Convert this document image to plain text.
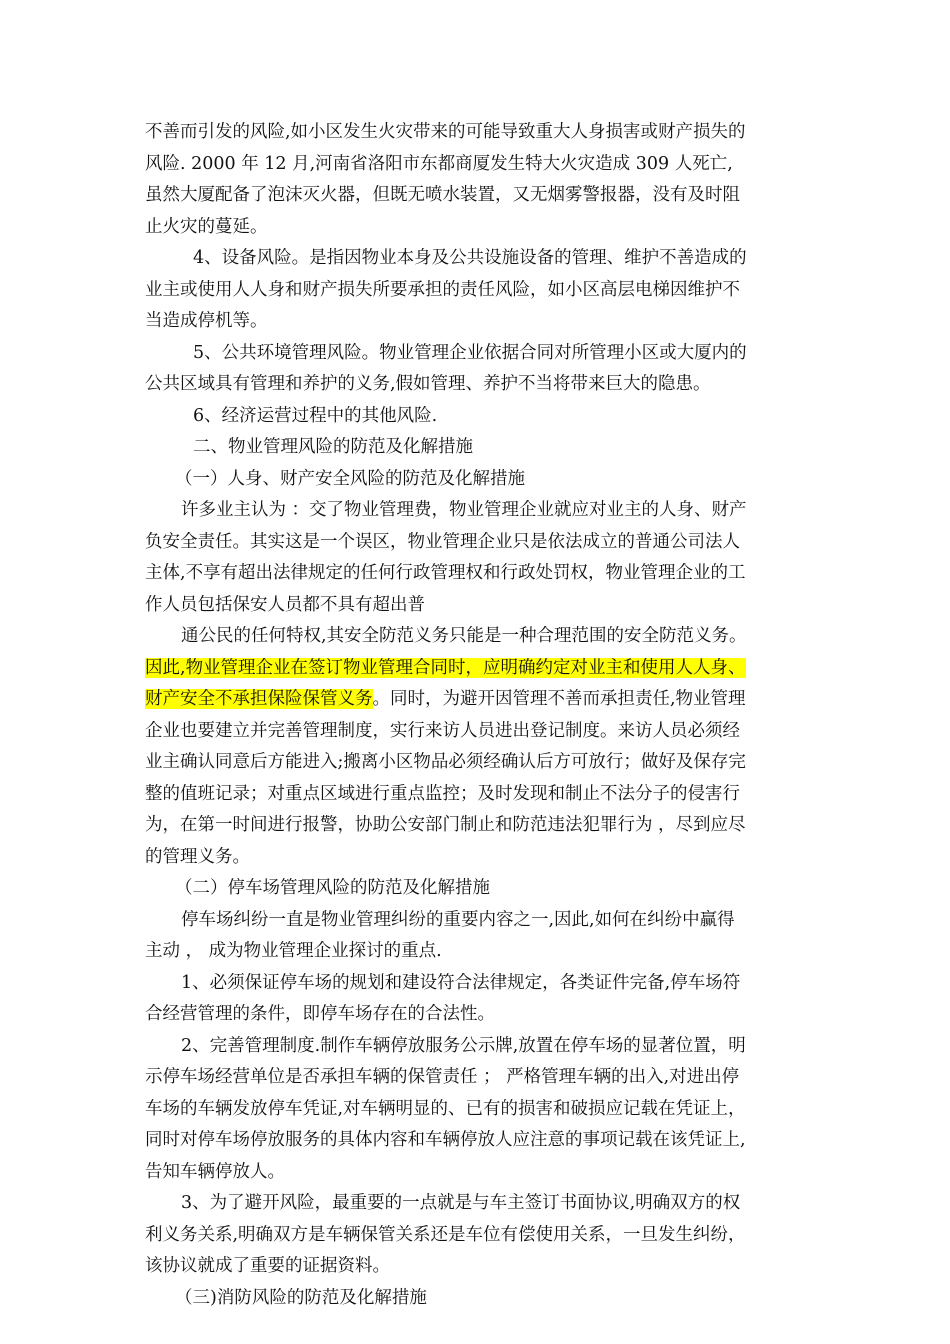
不善而引发的风险,如小区发生火灾带来的可能导致重大人身损害或财产损失的

风险. 2000 年 12 月,河南省洛阳市东都商厦发生特大火灾造成 309 人死亡,

虽然大厦配备了泡沫灭火器，但既无喷水装置，又无烟雾警报器，没有及时阻

止火灾的蔓延。

4、设备风险。是指因物业本身及公共设施设备的管理、维护不善造成的

业主或使用人人身和财产损失所要承担的责任风险，如小区高层电梯因维护不

当造成停机等。

5、公共环境管理风险。物业管理企业依据合同对所管理小区或大厦内的

公共区域具有管理和养护的义务,假如管理、养护不当将带来巨大的隐患。

6、经济运营过程中的其他风险.

二、物业管理风险的防范及化解措施

（一）人身、财产安全风险的防范及化解措施

许多业主认为 ：交了物业管理费，物业管理企业就应对业主的人身、财产

负安全责任。其实这是一个误区，物业管理企业只是依法成立的普通公司法人

主体,不享有超出法律规定的任何行政管理权和行政处罚权，物业管理企业的工

作人员包括保安人员都不具有超出普

通公民的任何特权,其安全防范义务只能是一种合理范围的安全防范义务。

因此,物业管理企业在签订物业管理合同时，应明确约定对业主和使用人人身、

财产安全不承担保险保管义务。同时，为避开因管理不善而承担责任,物业管理

企业也要建立并完善管理制度，实行来访人员进出登记制度。来访人员必须经

业主确认同意后方能进入;搬离小区物品必须经确认后方可放行；做好及保存完

整的值班记录；对重点区域进行重点监控；及时发现和制止不法分子的侵害行

为，在第一时间进行报警，协助公安部门制止和防范违法犯罪行为 ，尽到应尽

的管理义务。

（二）停车场管理风险的防范及化解措施

停车场纠纷一直是物业管理纠纷的重要内容之一,因此,如何在纠纷中赢得

主动 ， 成为物业管理企业探讨的重点.

1、必须保证停车场的规划和建设符合法律规定，各类证件完备,停车场符

合经营管理的条件，即停车场存在的合法性。

2、完善管理制度.制作车辆停放服务公示牌,放置在停车场的显著位置，明

示停车场经营单位是否承担车辆的保管责任 ； 严格管理车辆的出入,对进出停

车场的车辆发放停车凭证,对车辆明显的、已有的损害和破损应记载在凭证上，

同时对停车场停放服务的具体内容和车辆停放人应注意的事项记载在该凭证上,

告知车辆停放人。

3、为了避开风险，最重要的一点就是与车主签订书面协议,明确双方的权

利义务关系,明确双方是车辆保管关系还是车位有偿使用关系，一旦发生纠纷，

该协议就成了重要的证据资料。

（三)消防风险的防范及化解措施
